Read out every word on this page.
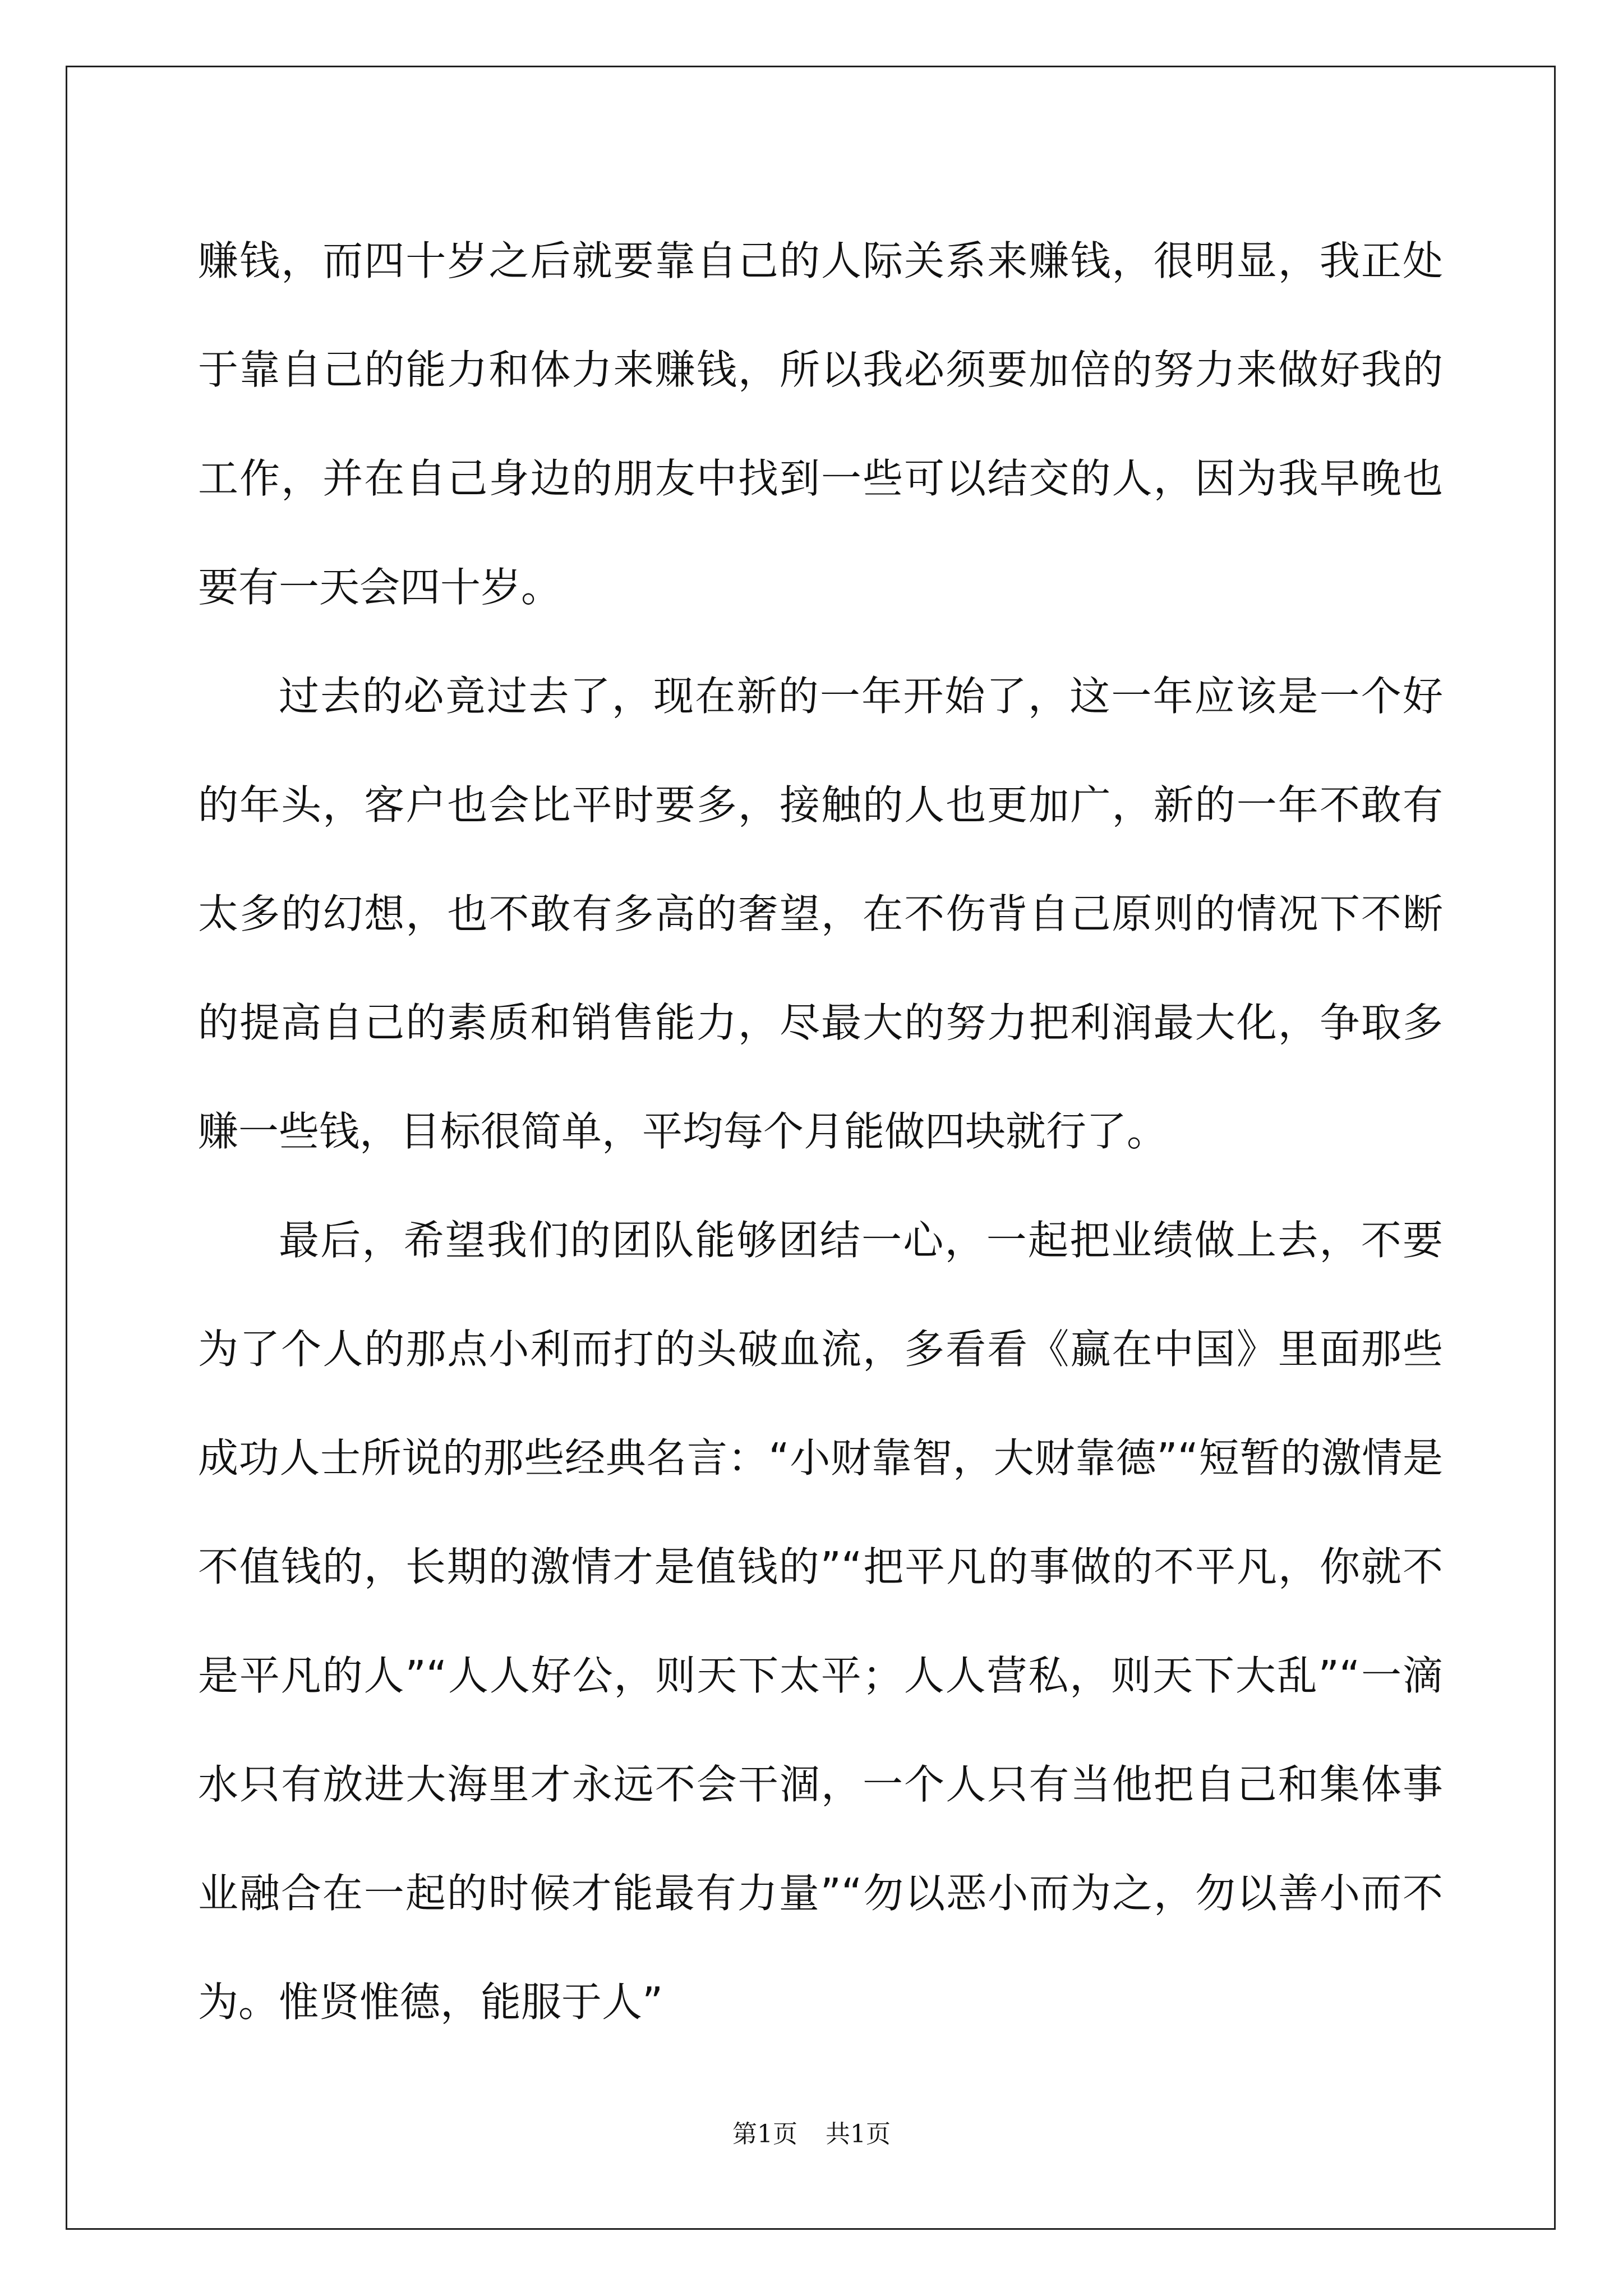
赚钱，而四十岁之后就要靠自己的人际关系来赚钱，很明显，我正处于靠自己的能力和体力来赚钱，所以我必须要加倍的努力来做好我的工作，并在自己身边的朋友中找到一些可以结交的人，因为我早晚也要有一天会四十岁。

过去的必竟过去了，现在新的一年开始了，这一年应该是一个好的年头，客户也会比平时要多，接触的人也更加广，新的一年不敢有太多的幻想，也不敢有多高的奢望，在不伤背自己原则的情况下不断的提高自己的素质和销售能力，尽最大的努力把利润最大化，争取多赚一些钱，目标很简单，平均每个月能做四块就行了。

最后，希望我们的团队能够团结一心，一起把业绩做上去，不要为了个人的那点小利而打的头破血流，多看看《赢在中国》里面那些成功人士所说的那些经典名言：“小财靠智，大财靠德”“短暂的激情是不值钱的，长期的激情才是值钱的”“把平凡的事做的不平凡，你就不是平凡的人”“人人好公，则天下太平；人人营私，则天下大乱”“一滴水只有放进大海里才永远不会干涸，一个人只有当他把自己和集体事业融合在一起的时候才能最有力量”“勿以恶小而为之，勿以善小而不为。惟贤惟德，能服于人”

第1页 共1页
